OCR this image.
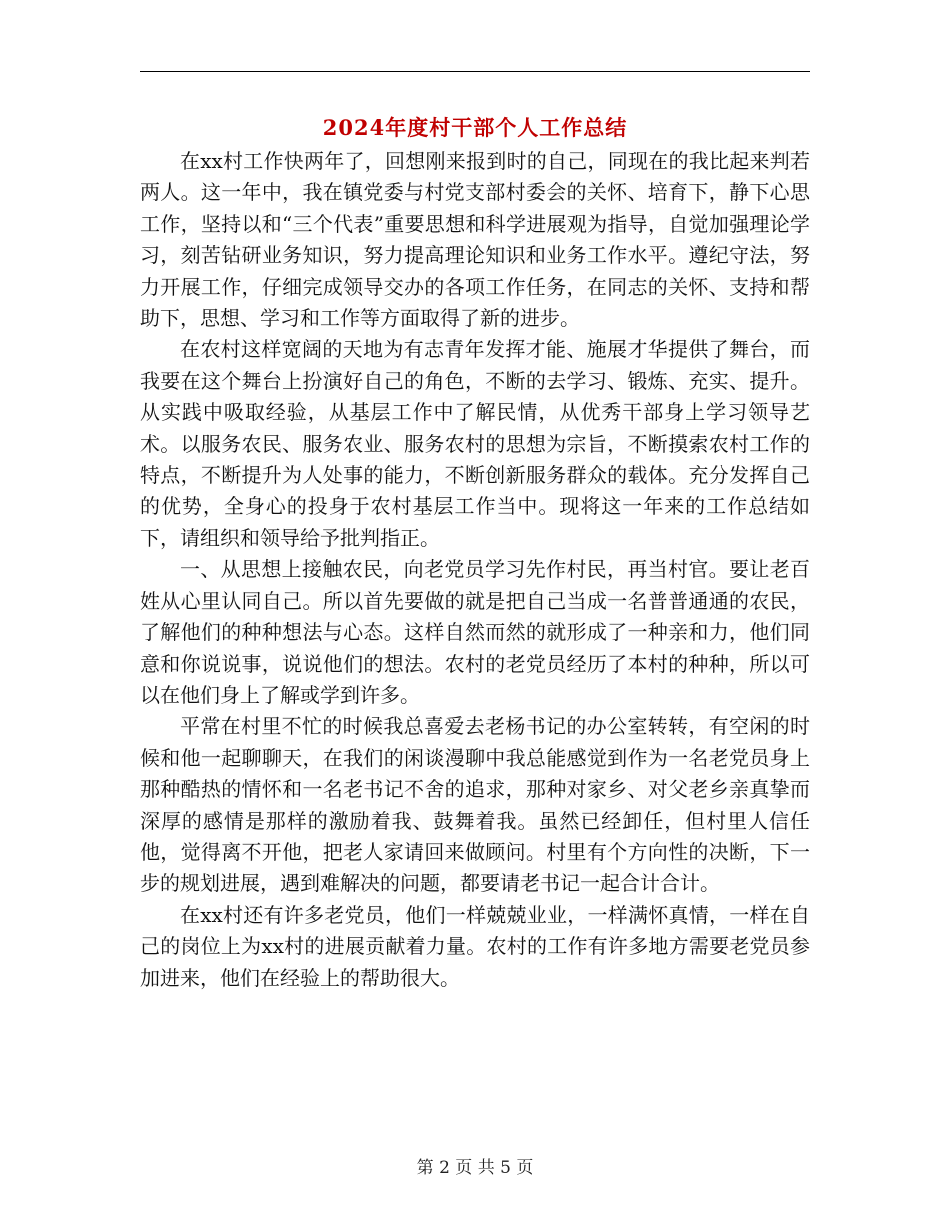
2024年度村干部个人工作总结

在xx村工作快两年了，回想刚来报到时的自己，同现在的我比起来判若两人。这一年中，我在镇党委与村党支部村委会的关怀、培育下，静下心思工作，坚持以和“三个代表”重要思想和科学进展观为指导，自觉加强理论学习，刻苦钻研业务知识，努力提高理论知识和业务工作水平。遵纪守法，努力开展工作，仔细完成领导交办的各项工作任务，在同志的关怀、支持和帮助下，思想、学习和工作等方面取得了新的进步。

在农村这样宽阔的天地为有志青年发挥才能、施展才华提供了舞台，而我要在这个舞台上扮演好自己的角色，不断的去学习、锻炼、充实、提升。从实践中吸取经验，从基层工作中了解民情，从优秀干部身上学习领导艺术。以服务农民、服务农业、服务农村的思想为宗旨，不断摸索农村工作的特点，不断提升为人处事的能力，不断创新服务群众的载体。充分发挥自己的优势，全身心的投身于农村基层工作当中。现将这一年来的工作总结如下，请组织和领导给予批判指正。

一、从思想上接触农民，向老党员学习先作村民，再当村官。要让老百姓从心里认同自己。所以首先要做的就是把自己当成一名普普通通的农民，了解他们的种种想法与心态。这样自然而然的就形成了一种亲和力，他们同意和你说说事，说说他们的想法。农村的老党员经历了本村的种种，所以可以在他们身上了解或学到许多。

平常在村里不忙的时候我总喜爱去老杨书记的办公室转转，有空闲的时候和他一起聊聊天，在我们的闲谈漫聊中我总能感觉到作为一名老党员身上那种酷热的情怀和一名老书记不舍的追求，那种对家乡、对父老乡亲真挚而深厚的感情是那样的激励着我、鼓舞着我。虽然已经卸任，但村里人信任他，觉得离不开他，把老人家请回来做顾问。村里有个方向性的决断，下一步的规划进展，遇到难解决的问题，都要请老书记一起合计合计。

在xx村还有许多老党员，他们一样兢兢业业，一样满怀真情，一样在自己的岗位上为xx村的进展贡献着力量。农村的工作有许多地方需要老党员参加进来，他们在经验上的帮助很大。

第 2 页 共 5 页
